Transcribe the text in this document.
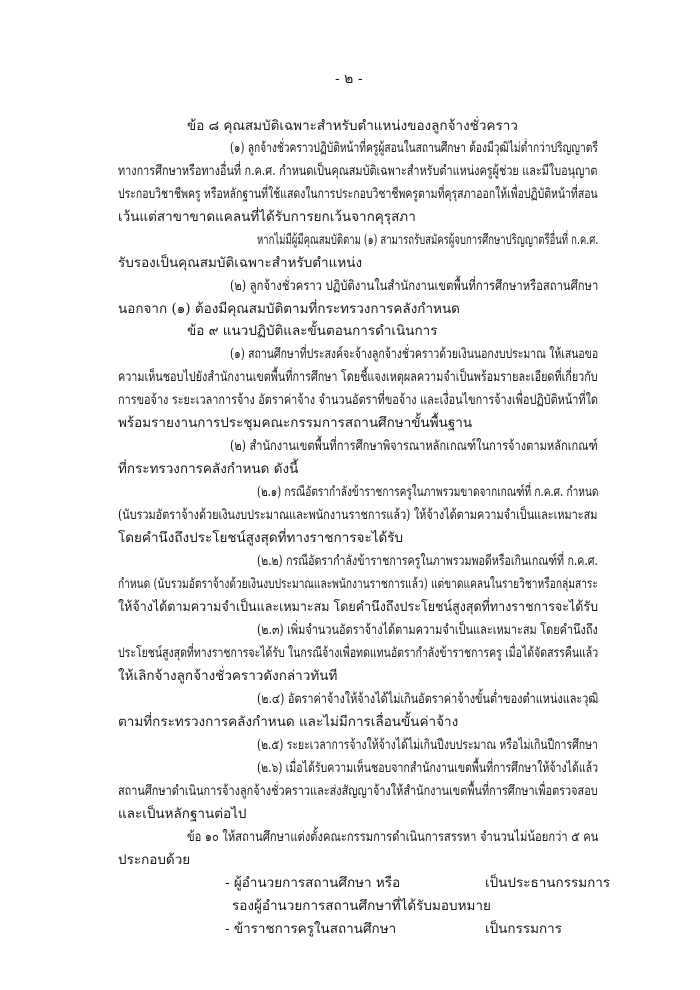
- ๒ -
ข้อ ๘ คุณสมบัติเฉพาะสำหรับตำแหน่งของลูกจ้างชั่วคราว
(๑) ลูกจ้างชั่วคราวปฏิบัติหน้าที่ครูผู้สอนในสถานศึกษา ต้องมีวุฒิไม่ต่ำกว่าปริญญาตรี
ทางการศึกษาหรือทางอื่นที่ ก.ค.ศ. กำหนดเป็นคุณสมบัติเฉพาะสำหรับตำแหน่งครูผู้ช่วย และมีใบอนุญาต
ประกอบวิชาชีพครู หรือหลักฐานที่ใช้แสดงในการประกอบวิชาชีพครูตามที่คุรุสภาออกให้เพื่อปฏิบัติหน้าที่สอน
เว้นแต่สาขาขาดแคลนที่ได้รับการยกเว้นจากคุรุสภา
หากไม่มีผู้มีคุณสมบัติตาม (๑) สามารถรับสมัครผู้จบการศึกษาปริญญาตรีอื่นที่ ก.ค.ศ.
รับรองเป็นคุณสมบัติเฉพาะสำหรับตำแหน่ง
(๒) ลูกจ้างชั่วคราว ปฏิบัติงานในสำนักงานเขตพื้นที่การศึกษาหรือสถานศึกษา
นอกจาก (๑) ต้องมีคุณสมบัติตามที่กระทรวงการคลังกำหนด
ข้อ ๙ แนวปฏิบัติและขั้นตอนการดำเนินการ
(๑) สถานศึกษาที่ประสงค์จะจ้างลูกจ้างชั่วคราวด้วยเงินนอกงบประมาณ ให้เสนอขอ
ความเห็นชอบไปยังสำนักงานเขตพื้นที่การศึกษา โดยชี้แจงเหตุผลความจำเป็นพร้อมรายละเอียดที่เกี่ยวกับ
การขอจ้าง ระยะเวลาการจ้าง อัตราค่าจ้าง จำนวนอัตราที่ขอจ้าง และเงื่อนไขการจ้างเพื่อปฏิบัติหน้าที่ใด
พร้อมรายงานการประชุมคณะกรรมการสถานศึกษาขั้นพื้นฐาน
(๒) สำนักงานเขตพื้นที่การศึกษาพิจารณาหลักเกณฑ์ในการจ้างตามหลักเกณฑ์
ที่กระทรวงการคลังกำหนด ดังนี้
(๒.๑) กรณีอัตรากำลังข้าราชการครูในภาพรวมขาดจากเกณฑ์ที่ ก.ค.ศ. กำหนด
(นับรวมอัตราจ้างด้วยเงินงบประมาณและพนักงานราชการแล้ว) ให้จ้างได้ตามความจำเป็นและเหมาะสม
โดยคำนึงถึงประโยชน์สูงสุดที่ทางราชการจะได้รับ
(๒.๒) กรณีอัตรากำลังข้าราชการครูในภาพรวมพอดีหรือเกินเกณฑ์ที่ ก.ค.ศ.
กำหนด (นับรวมอัตราจ้างด้วยเงินงบประมาณและพนักงานราชการแล้ว) แต่ขาดแคลนในรายวิชาหรือกลุ่มสาระ
ให้จ้างได้ตามความจำเป็นและเหมาะสม โดยคำนึงถึงประโยชน์สูงสุดที่ทางราชการจะได้รับ
(๒.๓) เพิ่มจำนวนอัตราจ้างได้ตามความจำเป็นและเหมาะสม โดยคำนึงถึง
ประโยชน์สูงสุดที่ทางราชการจะได้รับ ในกรณีจ้างเพื่อทดแทนอัตรากำลังข้าราชการครู เมื่อได้จัดสรรคืนแล้ว
ให้เลิกจ้างลูกจ้างชั่วคราวดังกล่าวทันที
(๒.๔) อัตราค่าจ้างให้จ้างได้ไม่เกินอัตราค่าจ้างขั้นต่ำของตำแหน่งและวุฒิ
ตามที่กระทรวงการคลังกำหนด และไม่มีการเลื่อนขั้นค่าจ้าง
(๒.๕) ระยะเวลาการจ้างให้จ้างได้ไม่เกินปีงบประมาณ หรือไม่เกินปีการศึกษา
(๒.๖) เมื่อได้รับความเห็นชอบจากสำนักงานเขตพื้นที่การศึกษาให้จ้างได้แล้ว
สถานศึกษาดำเนินการจ้างลูกจ้างชั่วคราวและส่งสัญญาจ้างให้สำนักงานเขตพื้นที่การศึกษาเพื่อตรวจสอบ
และเป็นหลักฐานต่อไป
ข้อ ๑๐ ให้สถานศึกษาแต่งตั้งคณะกรรมการดำเนินการสรรหา จำนวนไม่น้อยกว่า ๕ คน
ประกอบด้วย
- ผู้อำนวยการสถานศึกษา หรือ	เป็นประธานกรรมการ
รองผู้อำนวยการสถานศึกษาที่ได้รับมอบหมาย
- ข้าราชการครูในสถานศึกษา	เป็นกรรมการ
